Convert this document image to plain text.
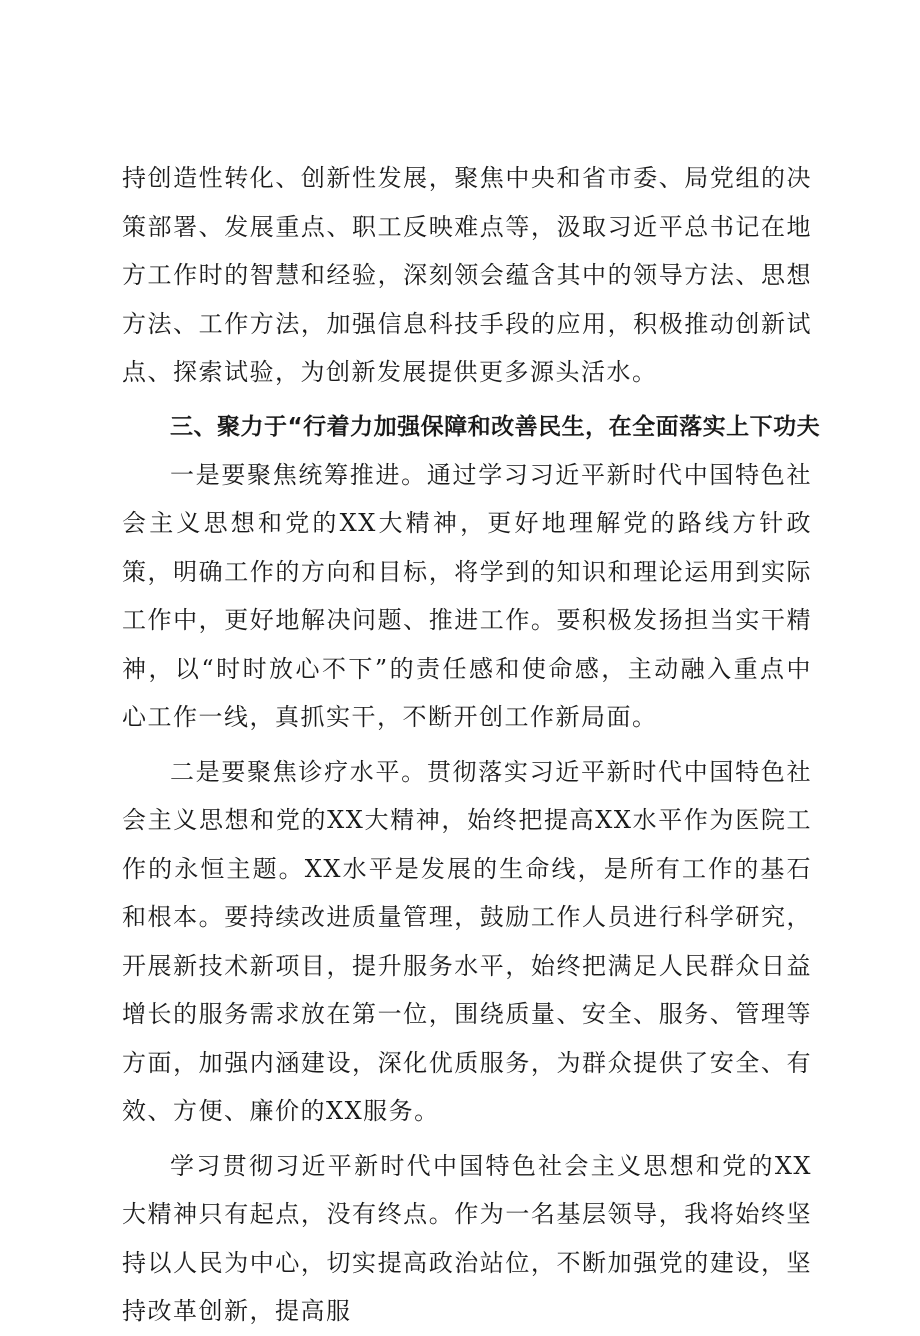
持创造性转化、创新性发展，聚焦中央和省市委、局党组的决策部署、发展重点、职工反映难点等，汲取习近平总书记在地方工作时的智慧和经验，深刻领会蕴含其中的领导方法、思想方法、工作方法，加强信息科技手段的应用，积极推动创新试点、探索试验，为创新发展提供更多源头活水。

三、聚力于“行着力加强保障和改善民生，在全面落实上下功夫

一是要聚焦统筹推进。通过学习习近平新时代中国特色社会主义思想和党的XX大精神，更好地理解党的路线方针政策，明确工作的方向和目标，将学到的知识和理论运用到实际工作中，更好地解决问题、推进工作。要积极发扬担当实干精神，以“时时放心不下”的责任感和使命感，主动融入重点中心工作一线，真抓实干，不断开创工作新局面。

二是要聚焦诊疗水平。贯彻落实习近平新时代中国特色社会主义思想和党的XX大精神，始终把提高XX水平作为医院工作的永恒主题。XX水平是发展的生命线，是所有工作的基石和根本。要持续改进质量管理，鼓励工作人员进行科学研究，开展新技术新项目，提升服务水平，始终把满足人民群众日益增长的服务需求放在第一位，围绕质量、安全、服务、管理等方面，加强内涵建设，深化优质服务，为群众提供了安全、有效、方便、廉价的XX服务。

学习贯彻习近平新时代中国特色社会主义思想和党的XX大精神只有起点，没有终点。作为一名基层领导，我将始终坚持以人民为中心，切实提高政治站位，不断加强党的建设，坚持改革创新，提高服
